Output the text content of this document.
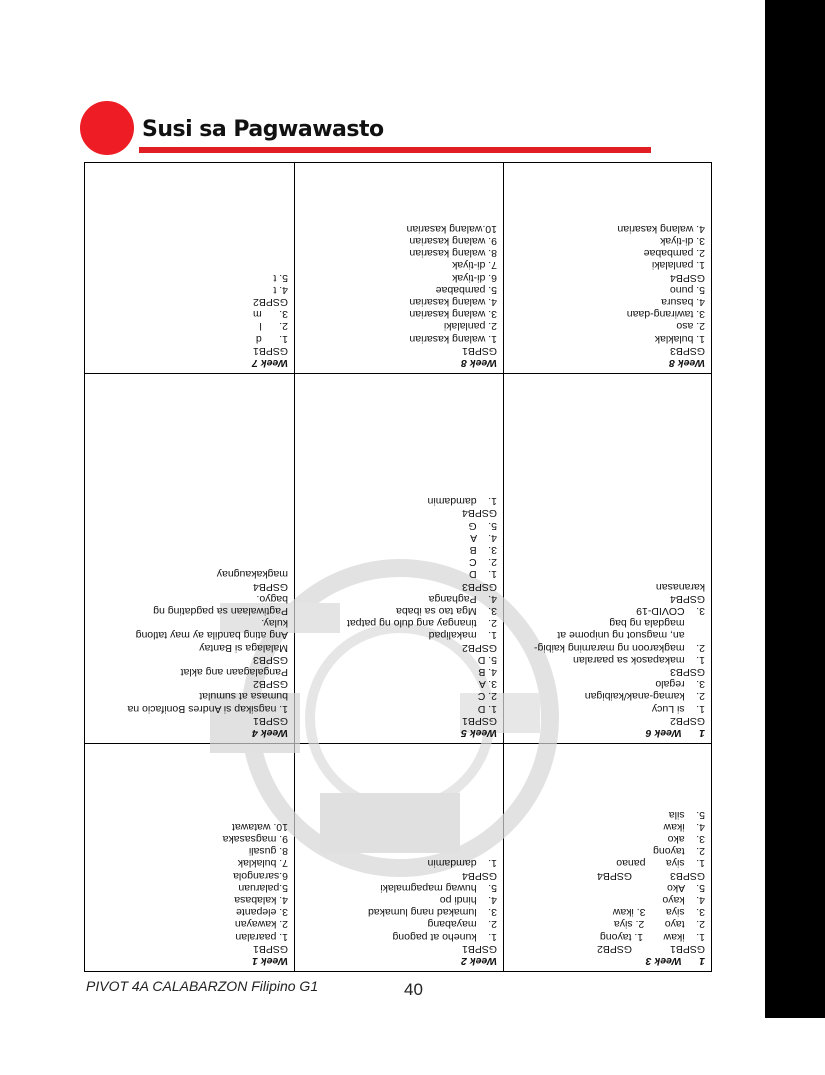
Susi sa Pagwawasto
Week 7
GSPB1
1.      d
2.      l
3.      m
GSPB2
4. t
5. t
Week 8
GSPB1
1. walang kasarian
2. panlalaki
3. walang kasarian
4. walang kasarian
5. pambabae
6. di-tiyak
7. di-tiyak
8. walang kasarian
9. walang kasarian
10.walang kasarian
Week 8
GSPB3
1. bulaklak
2. aso
3. tawirang-daan
4. basura
5. puno
GSPB4
1. panlalaki
2. pambabae
3. di-tiyak
4. walang kasarian
Week 4
GSPB1
1. nagsikap si Andres Bonifacio na
bumasa at sumulat
GSPB2
Pangalagaan ang aklat
GSPB3
Malalaga si Bantay
Ang ating bandila ay may tatlong
kulay.
Pagtiwalaan sa pagdating ng
bagyo.
GSPB4
magkakaugnay
Week 5
GSPB1
1. D
2. C
3. A
4. B
5. D
GSPB2
1.    makalipad
2.    tinangay ang dulo ng patpat
3.    Mga tao sa ibaba
4.    Paghanga
GSPB3
1.    D
2.    C
3.    B
4.    A
5.    G
GSPB4
1.    damdamin
1      Week 6
GSPB2
1.    si Lucy
2.    kamag-anak/kaibigan
3.    regalo
GSPB3
1.    makapasok sa paaralan
2.    magkaroon ng maraming kaibig-
an, magsuot ng unipome at
magdala ng bag
3.    COVID-19
GSPB4
karanasan
Week 1
GSPB1
1. paaralan
2. kawayan
3. elepante
4. kalabasa
5.palaruan
6.sarangola
7. bulaklak
8. gusali
9. magsasaka
10. watawat
Week 2
GSPB1
1.    kuneho at pagong
2.    mayabang
3.    lumakad nang lumakad
4.    hindi po
5.    huwag mapagmalaki
GSPB4
1.    damdamin
1      Week 3
GSPB1             GSPB2
1.    ikaw       1. tayong
2.    tayo       2. siya
3.    siya       3. ikaw
4.    kayo
5.    Ako
GSPB3             GSPB4
1.    siya       panao
2.    tayong
3.    ako
4.    ikaw
5.    sila
PIVOT 4A CALABARZON Filipino G1	40
